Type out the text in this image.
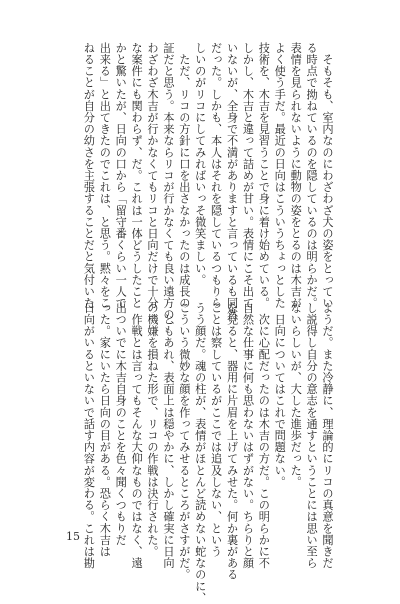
　そもそも、室内なのにわざわざ犬の姿をとってい

る時点で拗ねているのを隠しているのは明らかだ。

表情を見られないように動物の姿をとるのは木吉が

よく使う手だ。最近の日向はこういうちょっとした

技術を、木吉を見習うことで身に着け始めている。

しかし、木吉と違って詰めが甘い。表情にこそ出て

いないが、全身で不満がありますと言っているも同然

だった。しかも、本人はそれを隠しているつもりら

しいのがリコにしてみればいっそ微笑ましい。

　ただ、リコの方針に口を出さなかったのは成長の

証だと思う。本来ならリコが行かなくても良い遠方の、

わざわざ木吉が行かなくてもリコと日向だけで十分

な案件にも関わらず、だ。これは一体どうしたこと

かと驚いたが、日向の口から「留守番くらい一人で

出来る」と出てきたのでこれは、と思う。黙々をこ

ねることが自分の幼さを主張することだと気付いた

ようだ。また冷静に、理論的にリコの真意を聞きだ

し説得し自分の意志を通すということには思い至ら

ないらしいが、大した進歩だった。

　日向についてはこれで問題ない。

　次に心配だったのは木吉の方だ。この明らかに不

自然な仕事に何も思わないはずがない。ちらりと顔

を見ると、器用に片眉を上げてみせた。何か裏がある

ことは察しているがここでは追及しない、という

うう顔だ。魂の柱が、表情がほとんど読めない蛇なのに、

こういう微妙な顔を作ってみせるところがさすがだ。

　ともあれ、表面上は穏やかに、しかし確実に日向

の機嫌を損ねた形で、リコの作戦は決行された。

　作戦とは言ってもそんな大仰なものではなく、遠

出ついでに木吉自身のことを色々聞くつもりだ

った。家にいたら日向の目がある。恐らく木吉は

日向がいるといないで話す内容が変わる。これは勘

15
